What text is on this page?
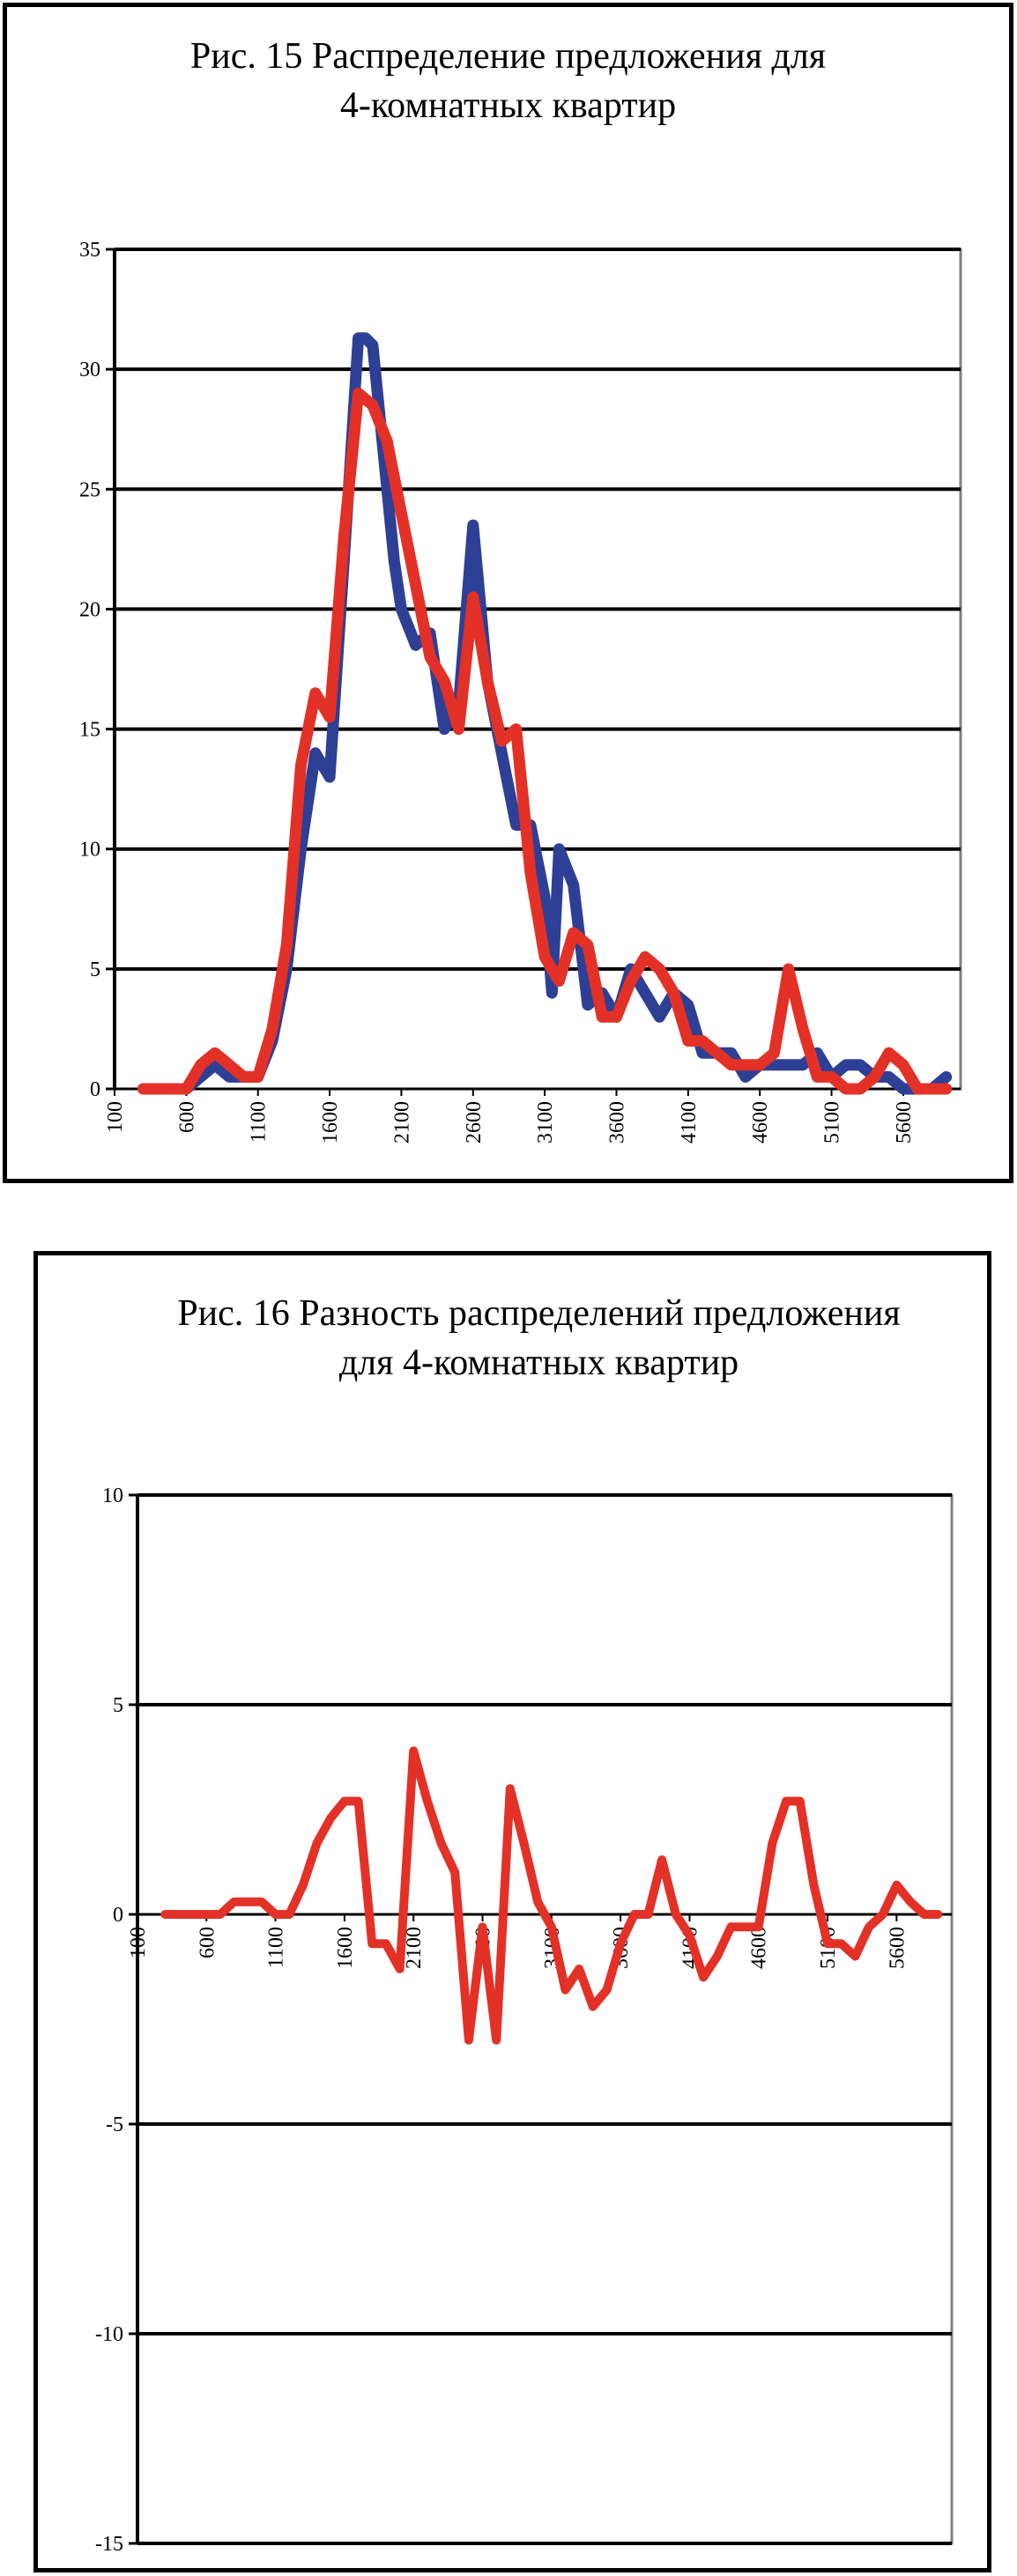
Рис. 15 Распределение предложения для
4-комнатных квартир
0
5
10
15
20
25
30
35
100 600 1100 1600 2100 2600 3100 3600 4100 4600 5100 5600
Рис. 16 Разность распределений предложения
для 4-комнатных квартир
10
5
0
-5
-10
-15
100 600 1100 1600 2100 2600 3100 3600 4100 4600 5100 5600
